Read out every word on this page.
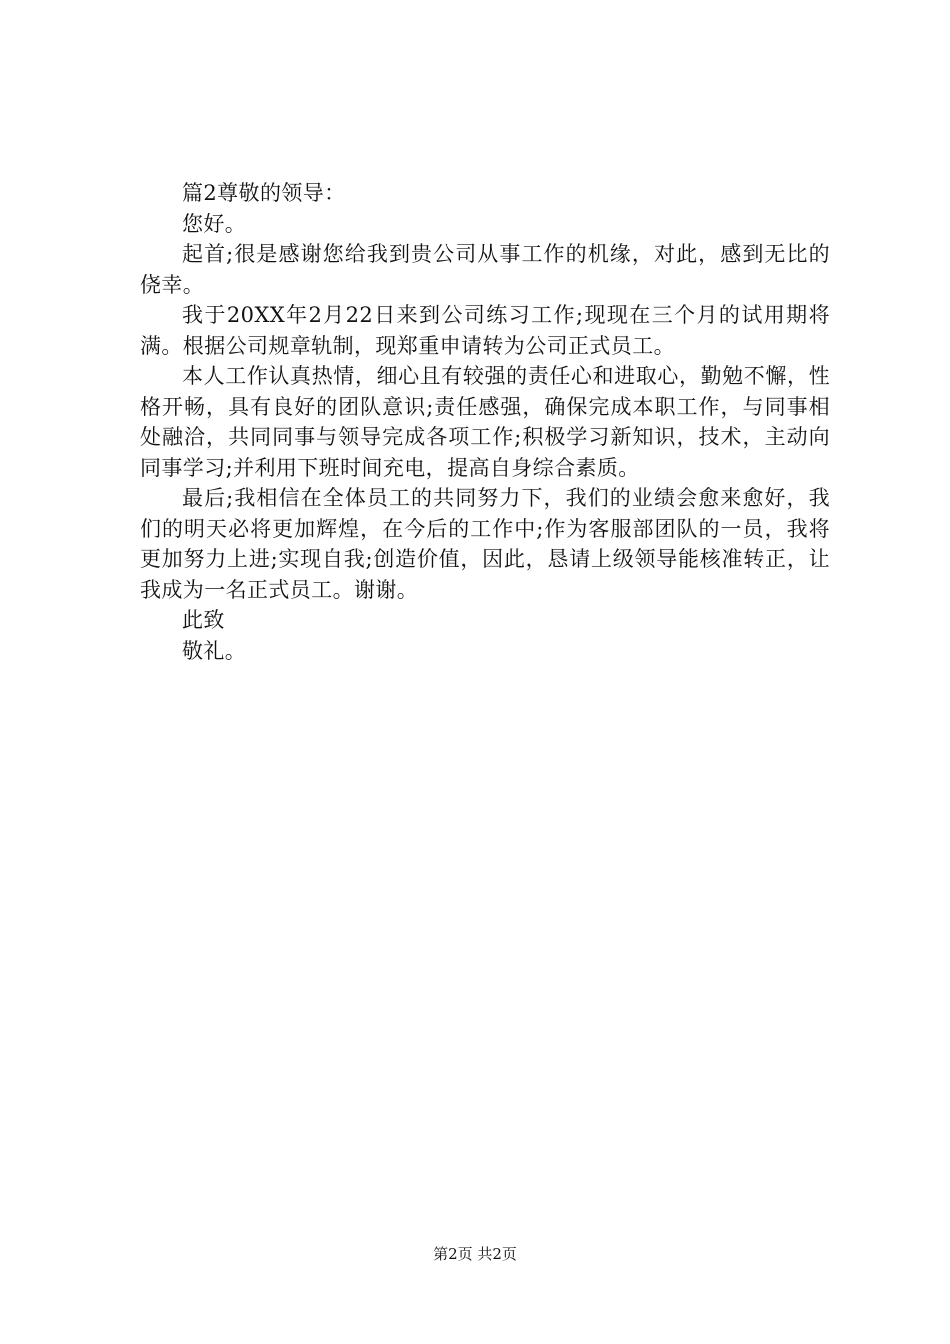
篇2尊敬的领导：

您好。

起首;很是感谢您给我到贵公司从事工作的机缘，对此，感到无比的侥幸。

我于20XX年2月22日来到公司练习工作;现现在三个月的试用期将满。根据公司规章轨制，现郑重申请转为公司正式员工。

本人工作认真热情，细心且有较强的责任心和进取心，勤勉不懈，性格开畅，具有良好的团队意识;责任感强，确保完成本职工作，与同事相处融洽，共同同事与领导完成各项工作;积极学习新知识，技术，主动向同事学习;并利用下班时间充电，提高自身综合素质。

最后;我相信在全体员工的共同努力下，我们的业绩会愈来愈好，我们的明天必将更加辉煌，在今后的工作中;作为客服部团队的一员，我将更加努力上进;实现自我;创造价值，因此，恳请上级领导能核准转正，让我成为一名正式员工。谢谢。

此致

敬礼。

第2页 共2页
